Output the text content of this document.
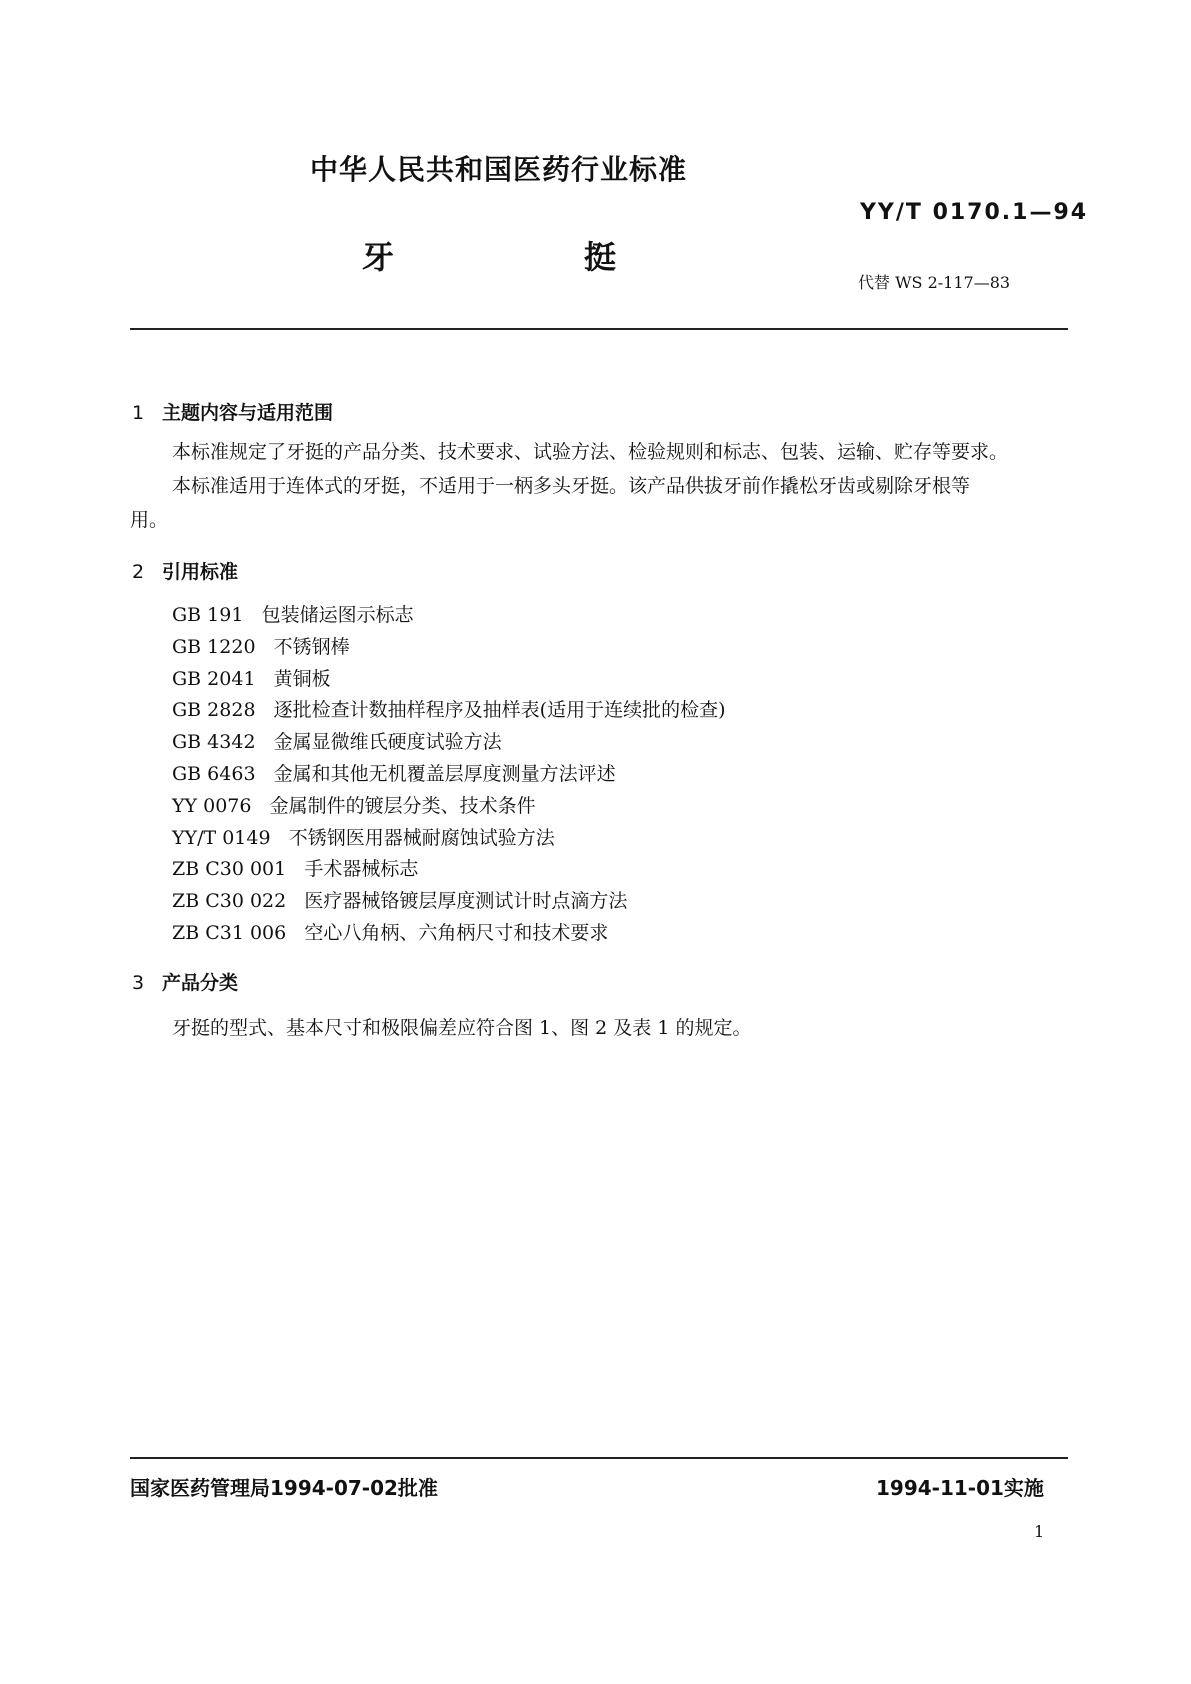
中华人民共和国医药行业标准
YY/T 0170.1—94
牙	挺
代替 WS 2-117—83
1 主题内容与适用范围
本标准规定了牙挺的产品分类、技术要求、试验方法、检验规则和标志、包装、运输、贮存等要求。
本标准适用于连体式的牙挺，不适用于一柄多头牙挺。该产品供拔牙前作撬松牙齿或剔除牙根等
用。
2 引用标准
GB 191 包装储运图示标志
GB 1220 不锈钢棒
GB 2041 黄铜板
GB 2828 逐批检查计数抽样程序及抽样表(适用于连续批的检查)
GB 4342 金属显微维氏硬度试验方法
GB 6463 金属和其他无机覆盖层厚度测量方法评述
YY 0076 金属制件的镀层分类、技术条件
YY/T 0149 不锈钢医用器械耐腐蚀试验方法
ZB C30 001 手术器械标志
ZB C30 022 医疗器械铬镀层厚度测试计时点滴方法
ZB C31 006 空心八角柄、六角柄尺寸和技术要求
3 产品分类
牙挺的型式、基本尺寸和极限偏差应符合图 1、图 2 及表 1 的规定。
国家医药管理局1994-07-02批准	1994-11-01实施
1
